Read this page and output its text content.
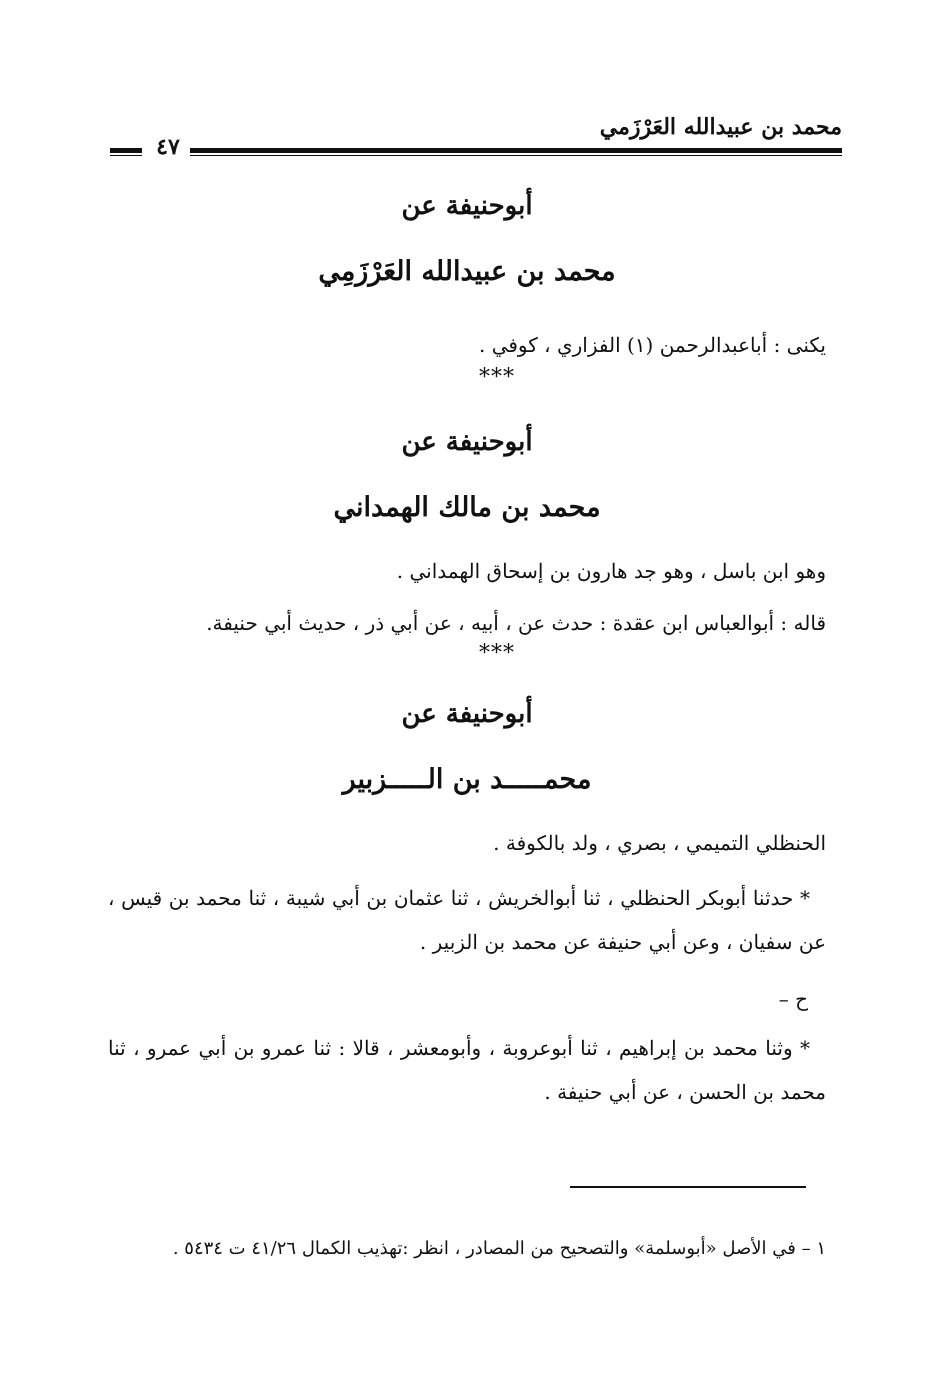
٤٧
محمد بن عبيدالله العَرْزَمي

أبوحنيفة عن

محمد بن عبيدالله العَرْزَمِي

يكنى : أباعبدالرحمن (١) الفزاري ، كوفي .

***

أبوحنيفة عن

محمد بن مالك الهمداني

وهو ابن باسل ، وهو جد هارون بن إسحاق الهمداني .

قاله : أبوالعباس ابن عقدة : حدث عن ، أبيه ، عن أبي ذر ، حديث أبي حنيفة.

***

أبوحنيفة عن

محمـــــد بن الـــــزبير

الحنظلي التميمي ، بصري ، ولد بالكوفة .

* حدثنا أبوبكر الحنظلي ، ثنا أبوالخريش ، ثنا عثمان بن أبي شيبة ، ثنا محمد بن قيس ، عن سفيان ، وعن أبي حنيفة عن محمد بن الزبير .

ح –

* وثنا محمد بن إبراهيم ، ثنا أبوعروبة ، وأبومعشر ، قالا : ثنا عمرو بن أبي عمرو ، ثنا محمد بن الحسن ، عن أبي حنيفة .

١ – في الأصل «أبوسلمة» والتصحيح من المصادر ، انظر :تهذيب الكمال ٤١/٢٦ ت ٥٤٣٤ .
